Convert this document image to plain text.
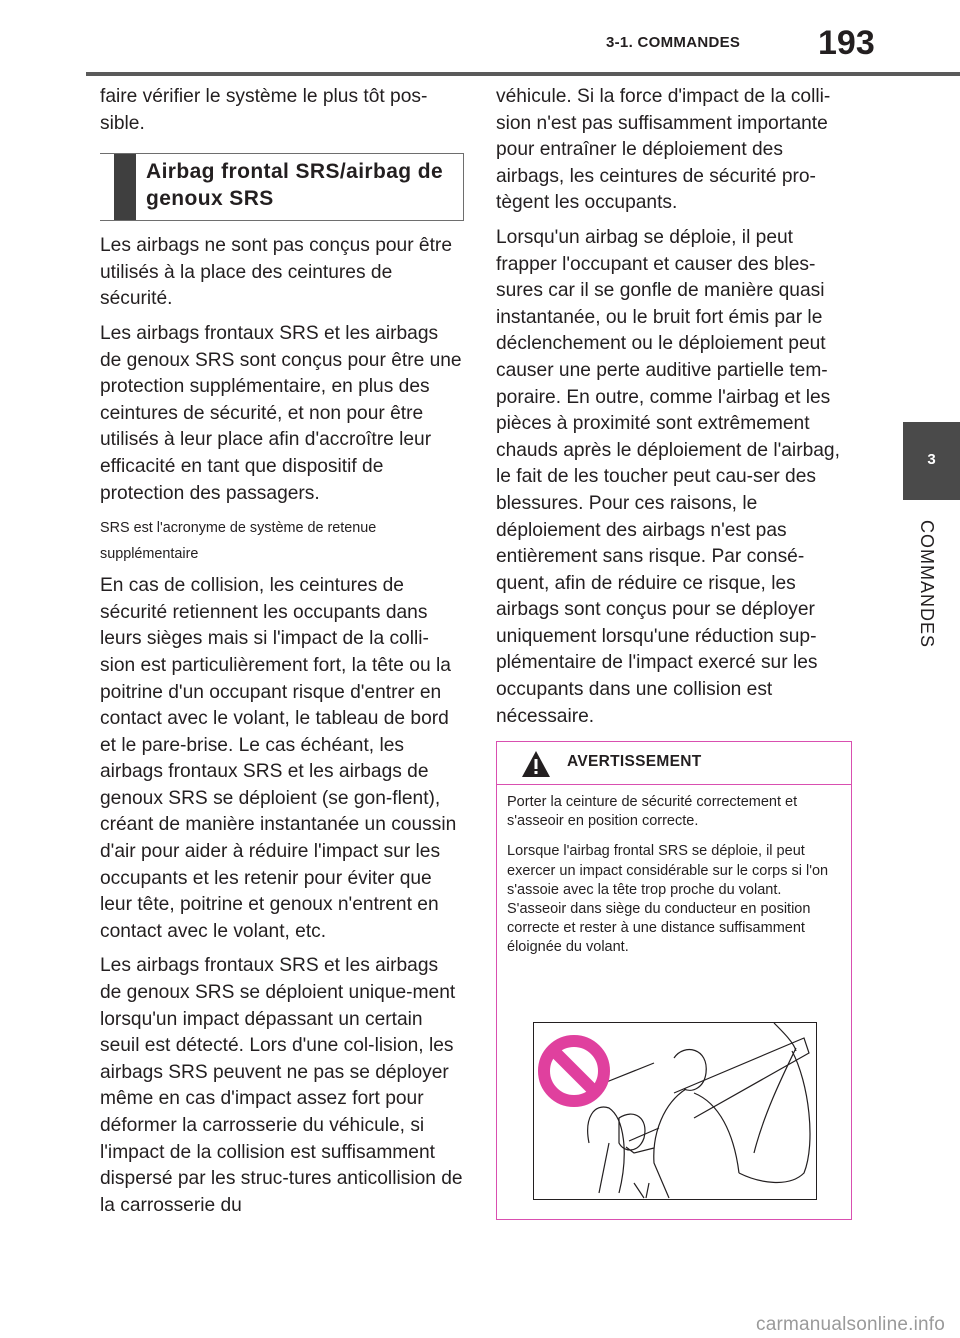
3-1. COMMANDES 193
3
COMMANDES

faire vérifier le système le plus tôt pos-sible.

Airbag frontal SRS/airbag de genoux SRS

Les airbags ne sont pas conçus pour être utilisés à la place des ceintures de sécurité.

Les airbags frontaux SRS et les airbags de genoux SRS sont conçus pour être une protection supplémentaire, en plus des ceintures de sécurité, et non pour être utilisés à leur place afin d'accroître leur efficacité en tant que dispositif de protection des passagers.

SRS est l'acronyme de système de retenue supplémentaire

En cas de collision, les ceintures de sécurité retiennent les occupants dans leurs sièges mais si l'impact de la colli-sion est particulièrement fort, la tête ou la poitrine d'un occupant risque d'entrer en contact avec le volant, le tableau de bord et le pare-brise. Le cas échéant, les airbags frontaux SRS et les airbags de genoux SRS se déploient (se gon-flent), créant de manière instantanée un coussin d'air pour aider à réduire l'impact sur les occupants et les retenir pour éviter que leur tête, poitrine et genoux n'entrent en contact avec le volant, etc.

Les airbags frontaux SRS et les airbags de genoux SRS se déploient unique-ment lorsqu'un impact dépassant un certain seuil est détecté. Lors d'une col-lision, les airbags SRS peuvent ne pas se déployer même en cas d'impact assez fort pour déformer la carrosserie du véhicule, si l'impact de la collision est suffisamment dispersé par les struc-tures anticollision de la carrosserie du

véhicule. Si la force d'impact de la colli-sion n'est pas suffisamment importante pour entraîner le déploiement des airbags, les ceintures de sécurité pro-tègent les occupants.

Lorsqu'un airbag se déploie, il peut frapper l'occupant et causer des bles-sures car il se gonfle de manière quasi instantanée, ou le bruit fort émis par le déclenchement ou le déploiement peut causer une perte auditive partielle tem-poraire. En outre, comme l'airbag et les pièces à proximité sont extrêmement chauds après le déploiement de l'airbag, le fait de les toucher peut cau-ser des blessures. Pour ces raisons, le déploiement des airbags n'est pas entièrement sans risque. Par consé-quent, afin de réduire ce risque, les airbags sont conçus pour se déployer uniquement lorsqu'une réduction sup-plémentaire de l'impact exercé sur les occupants dans une collision est nécessaire.

AVERTISSEMENT

Porter la ceinture de sécurité correctement et s'asseoir en position correcte.

Lorsque l'airbag frontal SRS se déploie, il peut exercer un impact considérable sur le corps si l'on s'assoie avec la tête trop proche du volant. S'asseoir dans siège du conducteur en position correcte et rester à une distance suffisamment éloignée du volant.

carmanualsonline.info
